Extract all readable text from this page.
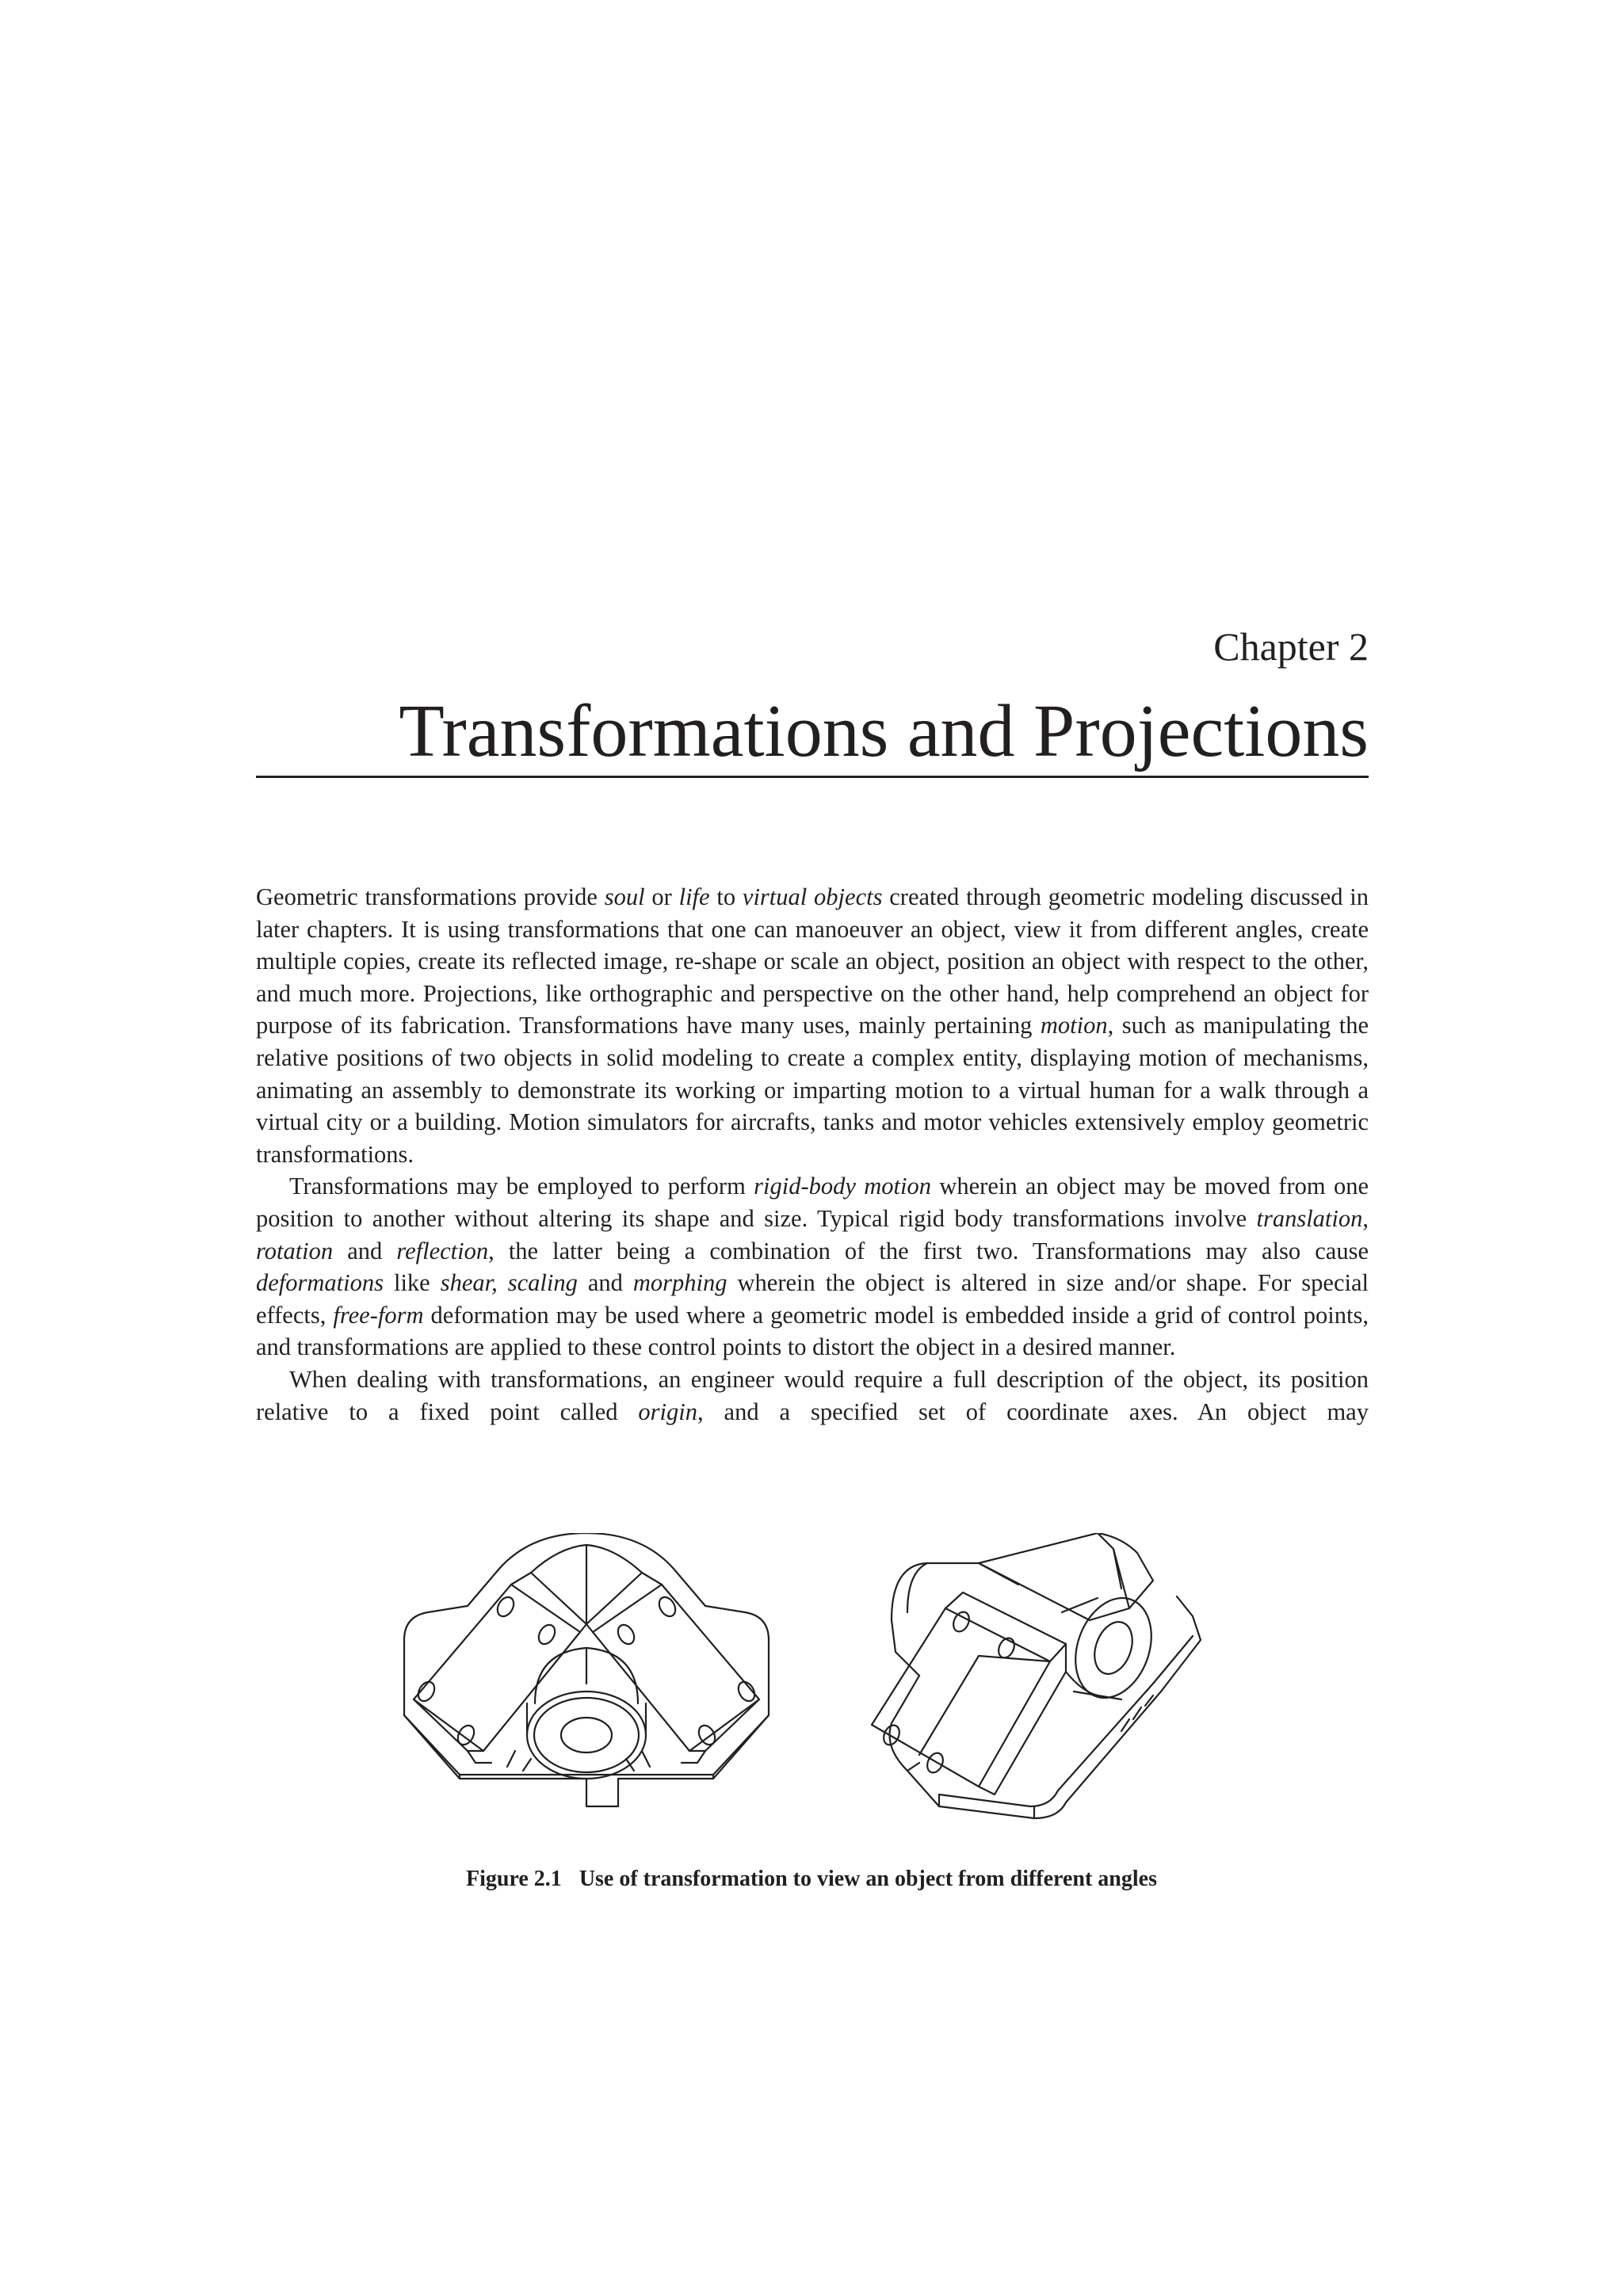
Chapter 2
Transformations and Projections

Geometric transformations provide soul or life to virtual objects created through geometric modeling discussed in later chapters. It is using transformations that one can manoeuver an object, view it from different angles, create multiple copies, create its reflected image, re-shape or scale an object, position an object with respect to the other, and much more. Projections, like orthographic and perspective on the other hand, help comprehend an object for purpose of its fabrication. Transformations have many uses, mainly pertaining motion, such as manipulating the relative positions of two objects in solid modeling to create a complex entity, displaying motion of mechanisms, animating an assembly to demonstrate its working or imparting motion to a virtual human for a walk through a virtual city or a building. Motion simulators for aircrafts, tanks and motor vehicles extensively employ geometric transformations.

Transformations may be employed to perform rigid-body motion wherein an object may be moved from one position to another without altering its shape and size. Typical rigid body transformations involve translation, rotation and reflection, the latter being a combination of the first two. Transformations may also cause deformations like shear, scaling and morphing wherein the object is altered in size and/or shape. For special effects, free-form deformation may be used where a geometric model is embedded inside a grid of control points, and transformations are applied to these control points to distort the object in a desired manner.

When dealing with transformations, an engineer would require a full description of the object, its position relative to a fixed point called origin, and a specified set of coordinate axes. An object may

Figure 2.1 Use of transformation to view an object from different angles
